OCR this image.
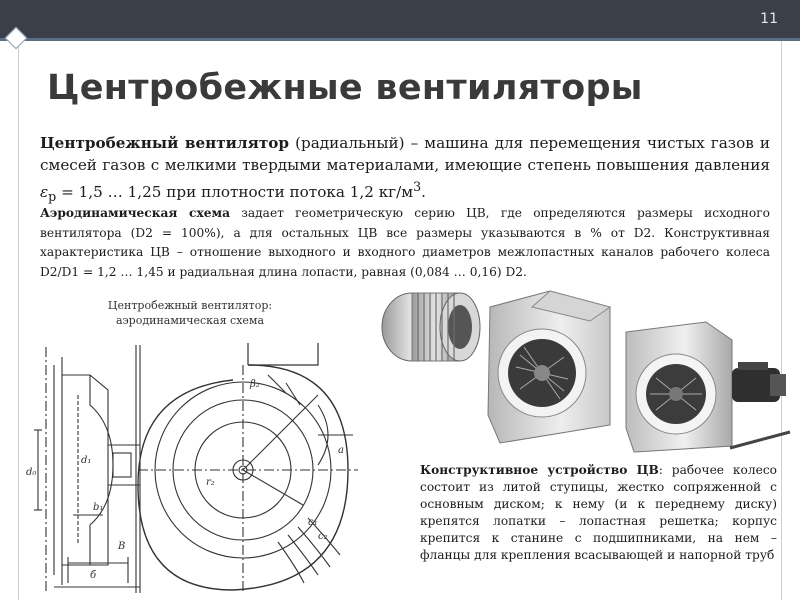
11
Центробежные вентиляторы

Центробежный вентилятор (радиальный) – машина для перемещения чистых газов и смесей газов с мелкими твердыми материалами, имеющие степень повышения давления $\varepsilon_р = 1,5$ … 1,25 при плотности потока 1,2 $кг/м^3$.

Аэродинамическая схема задает геометрическую серию ЦВ, где определяются размеры исходного вентилятора (D2 = 100%), а для остальных ЦВ все размеры указываются в % от D2. Конструктивная характеристика ЦВ – отношение выходного и входного диаметров межлопастных каналов рабочего колеса D2/D1 = 1,2 … 1,45 и радиальная длина лопасти, равная (0,084 … 0,16) D2.

Центробежный вентилятор:
аэродинамическая схема
d₀
d₁
b₁
б
B
a
c₁
c₂
β₂
r₂

Конструктивное устройство ЦВ: рабочее колесо состоит из литой ступицы, жестко сопряженной с основным диском; к нему (и к переднему диску) крепятся лопатки – лопастная решетка; корпус крепится к станине с подшипниками, на нем – фланцы для крепления всасывающей и напорной труб
